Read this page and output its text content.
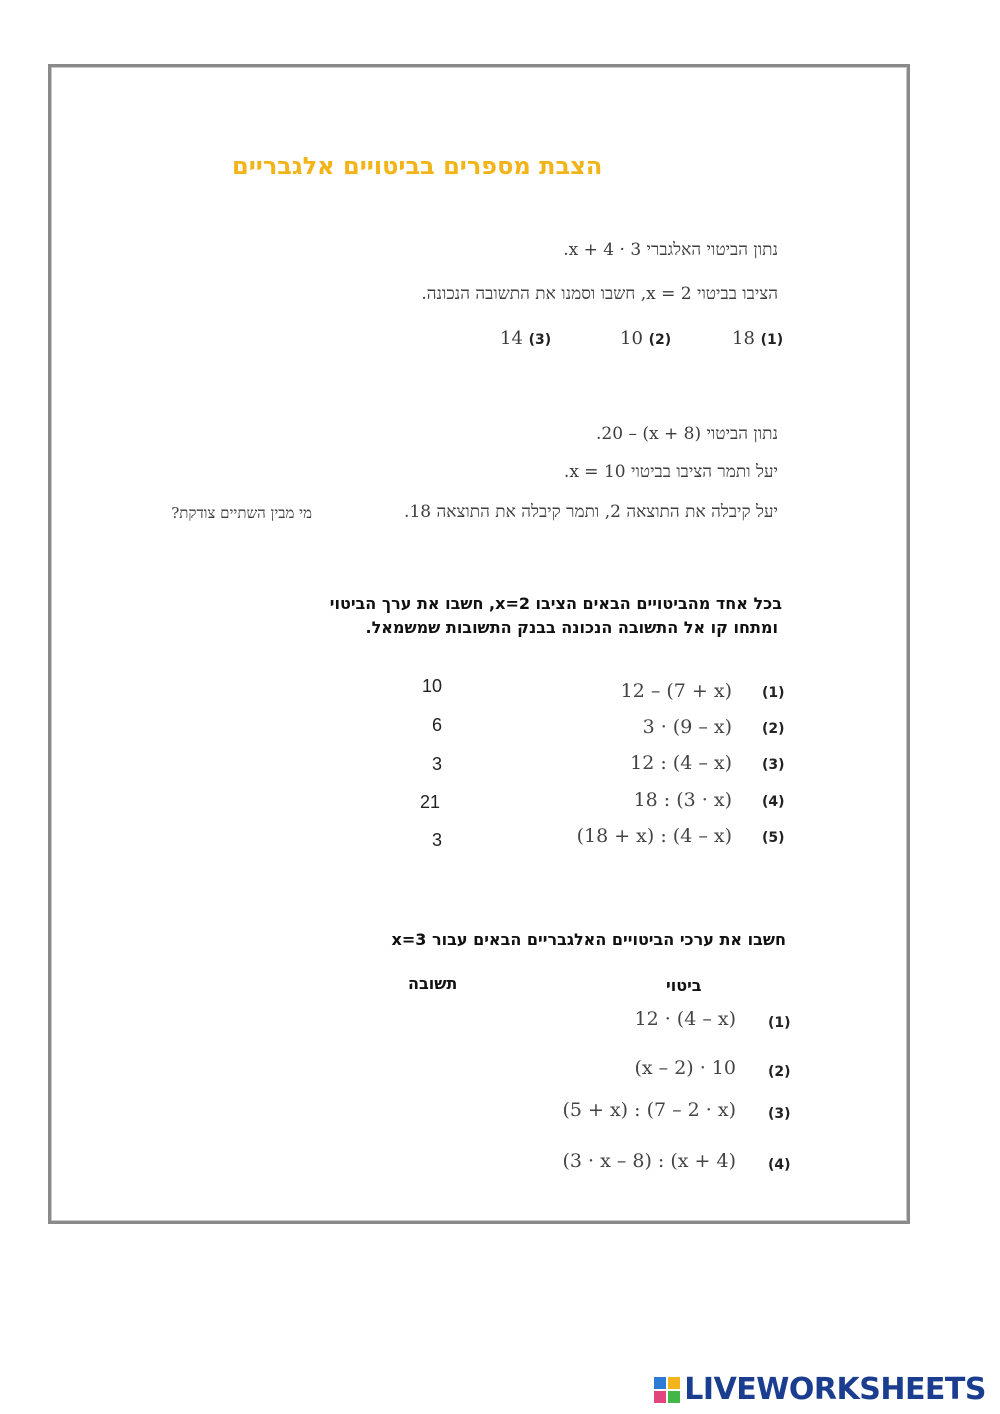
הצבת מספרים בביטויים אלגבריים
נתון הביטוי האלגברי 3 · x + 4.
הציבו בביטוי x = 2, חשבו וסמנו את התשובה הנכונה.
18 (1)
10 (2)
14 (3)
נתון הביטוי (x + 8) – 20.
יעל ותמר הציבו בביטוי x = 10.
יעל קיבלה את התוצאה 2, ותמר קיבלה את התוצאה 18.
מי מבין השתיים צודקת?
בכל אחד מהביטויים הבאים הציבו x=2, חשבו את ערך הביטוי
ומתחו קו אל התשובה הנכונה בבנק התשובות שמשמאל.
(1)
12 – (7 + x)
10
(2)
3 · (9 – x)
6
(3)
12 : (4 – x)
3
(4)
18 : (3 · x)
21
(5)
(18 + x) : (4 – x)
3
חשבו את ערכי הביטויים האלגבריים הבאים עבור x=3
ביטוי
תשובה
(1)
12 · (4 – x)
(2)
(x – 2) · 10
(3)
(5 + x) : (7 – 2 · x)
(4)
(3 · x – 8) : (x + 4)
LIVEWORKSHEETS
